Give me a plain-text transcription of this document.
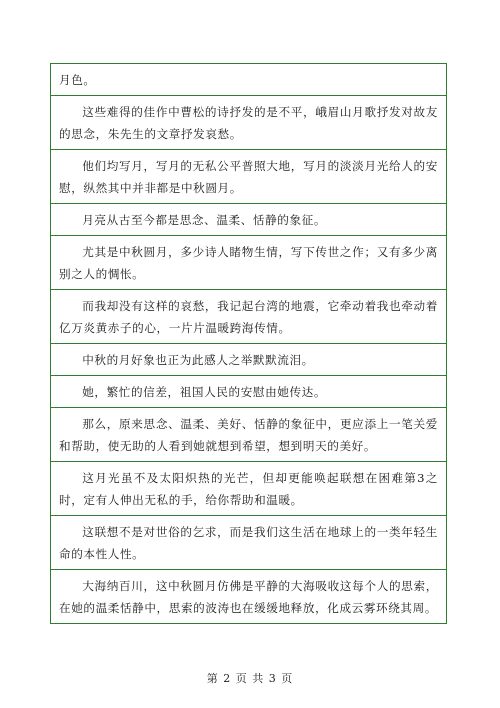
月色。
这些难得的佳作中曹松的诗抒发的是不平，峨眉山月歌抒发对故友的思念，朱先生的文章抒发哀愁。
他们均写月，写月的无私公平普照大地，写月的淡淡月光给人的安慰，纵然其中并非都是中秋圆月。
月亮从古至今都是思念、温柔、恬静的象征。
尤其是中秋圆月，多少诗人睹物生情，写下传世之作；又有多少离别之人的惆怅。
而我却没有这样的哀愁，我记起台湾的地震，它牵动着我也牵动着亿万炎黄赤子的心，一片片温暖跨海传情。
中秋的月好象也正为此感人之举默默流泪。
她，繁忙的信差，祖国人民的安慰由她传达。
那么，原来思念、温柔、美好、恬静的象征中，更应添上一笔关爱和帮助，使无助的人看到她就想到希望，想到明天的美好。
这月光虽不及太阳炽热的光芒，但却更能唤起联想在困难第3之时，定有人伸出无私的手，给你帮助和温暖。
这联想不是对世俗的乞求，而是我们这生活在地球上的一类年轻生命的本性人性。
大海纳百川，这中秋圆月仿佛是平静的大海吸收这每个人的思索，在她的温柔恬静中，思索的波涛也在缓缓地释放，化成云雾环绕其周。
第 2 页 共 3 页
